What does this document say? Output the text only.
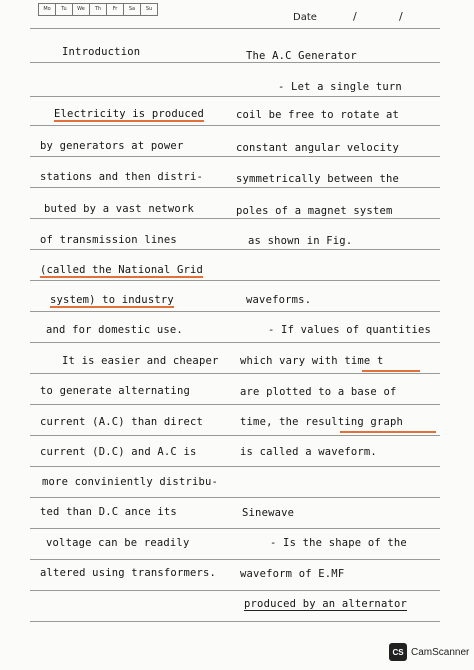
Mo	Tu	We	Th	Fr	Sa	Su
Date	/	/
Introduction
Electricity is produced
by generators at power
stations and then distri-
buted by a vast network
of transmission lines
(called the National Grid
system) to industry
and for domestic use.
It is easier and cheaper
to generate alternating
current (A.C) than direct
current (D.C) and A.C is
more conviniently distribu-
ted than D.C ance its
voltage can be readily
altered using transformers.
The A.C Generator
- Let a single turn
coil be free to rotate at
constant angular velocity
symmetrically between the
poles of a magnet system
as shown in Fig.
waveforms.
- If values of quantities
which vary with time t
are plotted to a base of
time, the resulting graph
is called a waveform.
Sinewave
- Is the shape of the
waveform of E.MF
produced by an alternator
CS CamScanner
